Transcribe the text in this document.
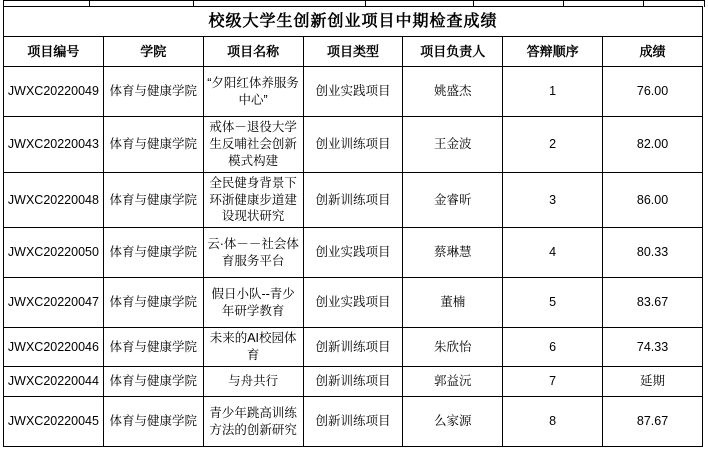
校级大学生创新创业项目中期检查成绩						
项目编号	学院	项目名称	项目类型	项目负责人	答辩顺序	成绩
JWXC20220049	体育与健康学院	“夕阳红体养服务中心”	创业实践项目	姚盛杰	1	76.00
JWXC20220043	体育与健康学院	戒体－退役大学生反哺社会创新模式构建	创业训练项目	王金波	2	82.00
JWXC20220048	体育与健康学院	全民健身背景下环浙健康步道建设现状研究	创新训练项目	金睿昕	3	86.00
JWXC20220050	体育与健康学院	云·体－－社会体育服务平台	创业实践项目	蔡琳慧	4	80.33
JWXC20220047	体育与健康学院	假日小队--青少年研学教育	创业实践项目	董楠	5	83.67
JWXC20220046	体育与健康学院	未来的AI校园体育	创新训练项目	朱欣怡	6	74.33
JWXC20220044	体育与健康学院	与舟共行	创新训练项目	郭益沅	7	延期
JWXC20220045	体育与健康学院	青少年跳高训练方法的创新研究	创新训练项目	么家源	8	87.67
